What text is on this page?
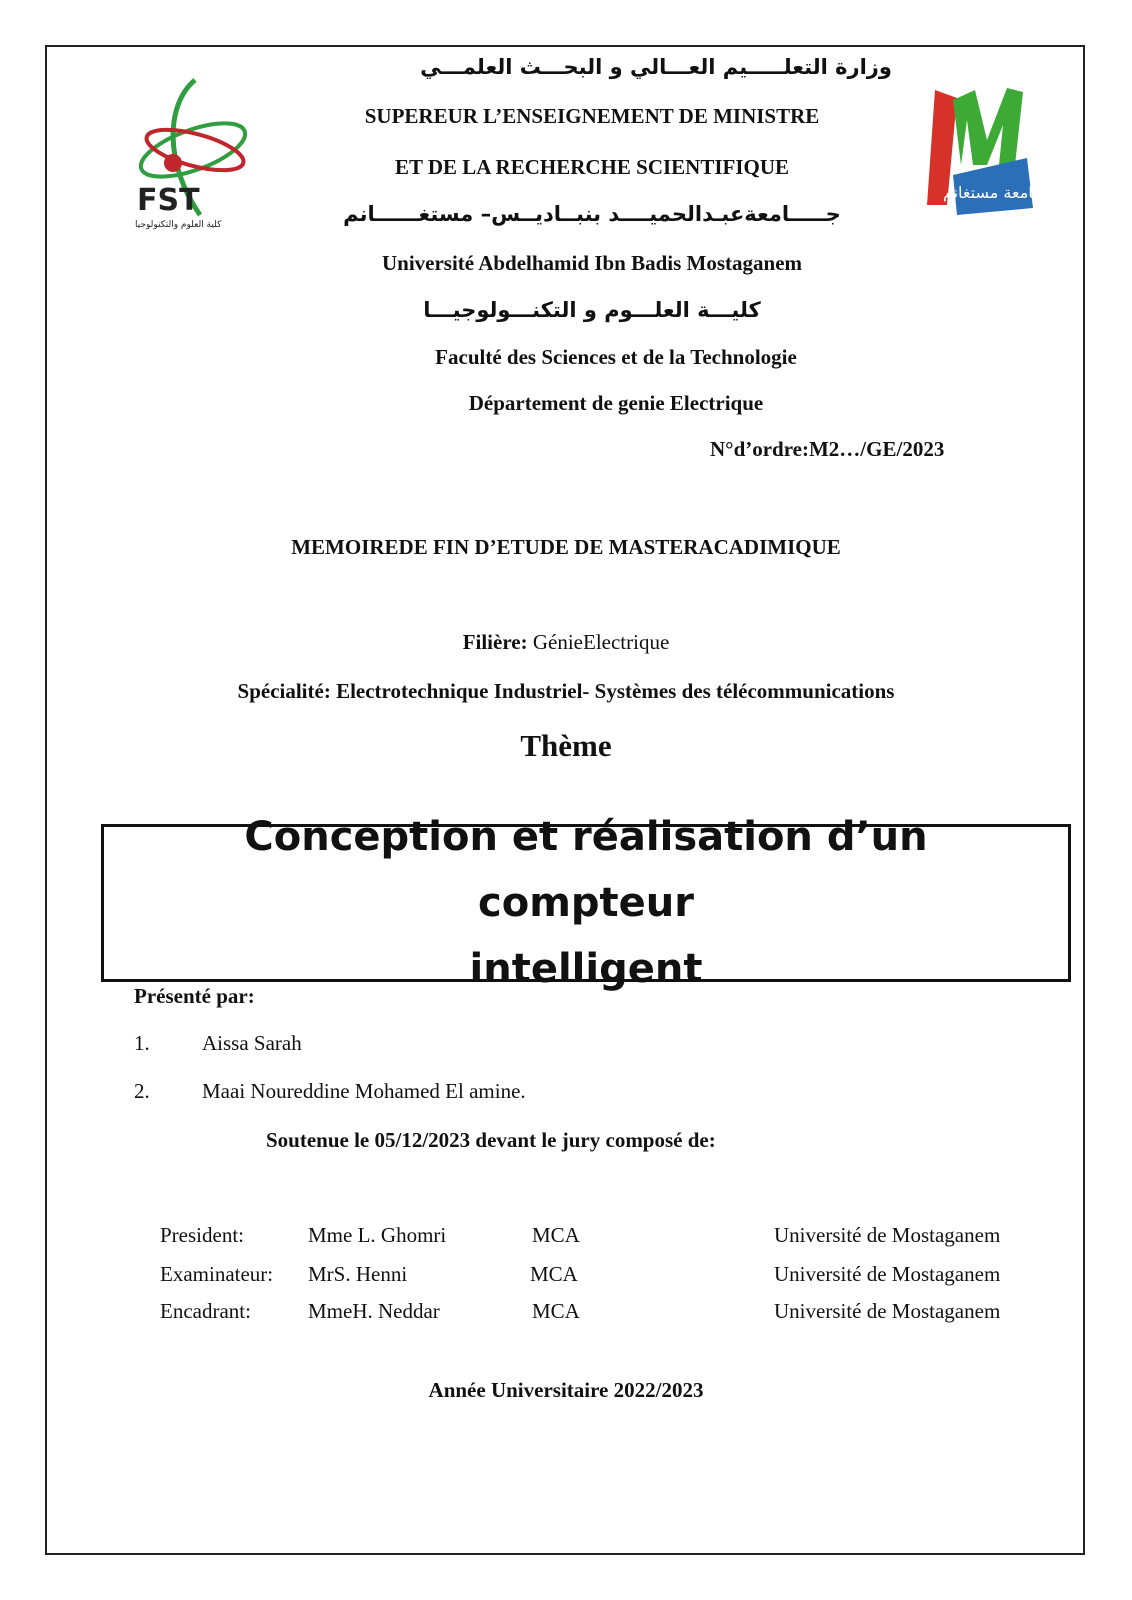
FST
كلية العلوم والتكنولوجيا
جامعة مستغانم
وزارة التعلـــــيم العـــالي و البحـــث العلمـــي
SUPEREUR L’ENSEIGNEMENT DE MINISTRE
ET DE LA RECHERCHE SCIENTIFIQUE
جـــــامعةعبـدالحميــــد بنبــاديــس– مستغــــــانم
Université Abdelhamid Ibn Badis Mostaganem
كليـــة العلـــوم و التكنـــولوجيـــا
Faculté des Sciences et de la Technologie
Département de genie Electrique
N°d’ordre:M2…/GE/2023
MEMOIREDE FIN D’ETUDE DE MASTERACADIMIQUE
Filière: GénieElectrique
Spécialité: Electrotechnique Industriel- Systèmes des télécommunications
Thème
Conception et réalisation d’un compteur
intelligent
Présenté par:
1. Aissa Sarah
2. Maai Noureddine Mohamed El amine.
Soutenue le 05/12/2023 devant le jury composé de:
President:	Mme L. Ghomri	MCA	Université de Mostaganem
Examinateur: MrS. Henni	MCA	Université de Mostaganem
Encadrant:	MmeH. Neddar	MCA	Université de Mostaganem
Année Universitaire 2022/2023
